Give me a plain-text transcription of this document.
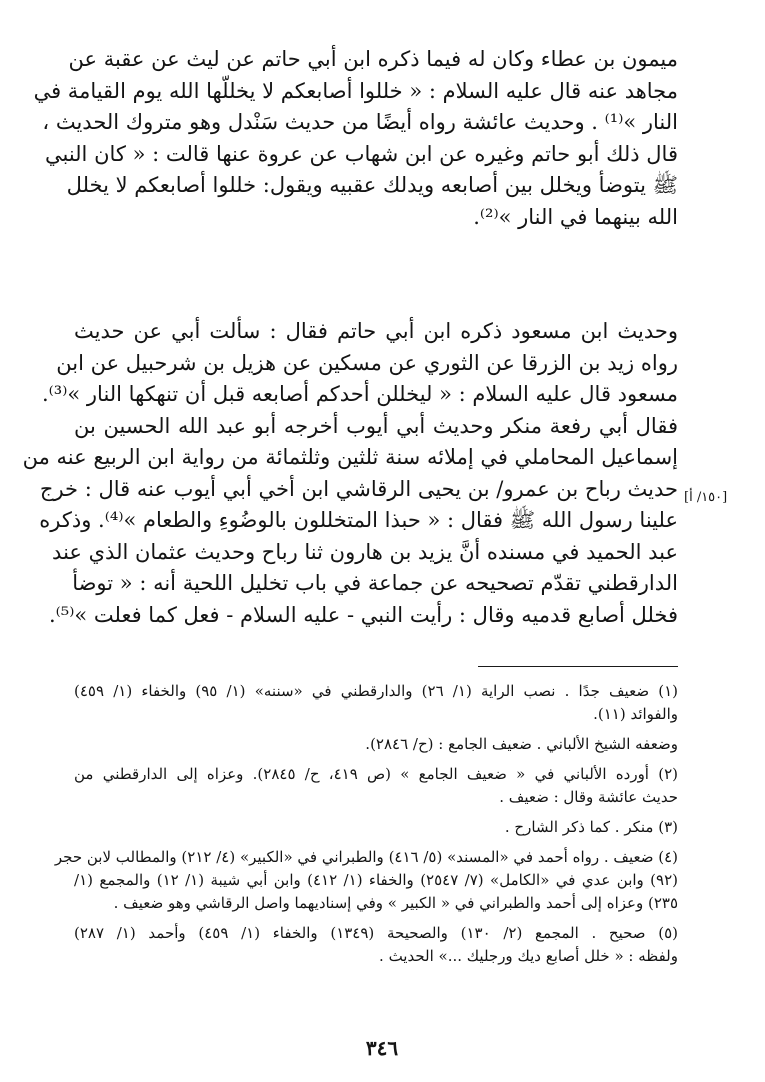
ميمون بن عطاء وكان له فيما ذكره ابن أبي حاتم عن ليث عن عقبة عن
مجاهد عنه قال عليه السلام : « خللوا أصابعكم لا يخللّها الله يوم القيامة في
النار »⁽¹⁾ . وحديث عائشة رواه أيضًا من حديث سَنْدل وهو متروك الحديث ،
قال ذلك أبو حاتم وغيره عن ابن شهاب عن عروة عنها قالت : « كان النبي
ﷺ يتوضأ ويخلل بين أصابعه ويدلك عقبيه ويقول: خللوا أصابعكم لا يخلل
الله بينهما في النار »⁽²⁾.
وحديث ابن مسعود ذكره ابن أبي حاتم فقال : سألت أبي عن حديث
رواه زيد بن الزرقا عن الثوري عن مسكين عن هزيل بن شرحبيل عن ابن
مسعود قال عليه السلام : « ليخللن أحدكم أصابعه قبل أن تنهكها النار »⁽³⁾.
فقال أبي رفعة منكر وحديث أبي أيوب أخرجه أبو عبد الله الحسين بن
إسماعيل المحاملي في إملائه سنة ثلثين وثلثمائة من رواية ابن الربيع عنه من
حديث رباح بن عمرو/ بن يحيى الرقاشي ابن أخي أبي أيوب عنه قال : خرج
علينا رسول الله ﷺ فقال : « حبذا المتخللون بالوضُوءِ والطعام »⁽⁴⁾. وذكره
عبد الحميد في مسنده أنَّ يزيد بن هارون ثنا رباح وحديث عثمان الذي عند
الدارقطني تقدّم تصحيحه عن جماعة في باب تخليل اللحية أنه : « توضأ
فخلل أصابع قدميه وقال : رأيت النبي - عليه السلام - فعل كما فعلت »⁽⁵⁾.
[١٥٠/ أ]
(١) ضعيف جدًا . نصب الراية (١/ ٢٦) والدارقطني في «سننه» (١/ ٩٥) والخفاء (١/ ٤٥٩)
والفوائد (١١).
وضعفه الشيخ الألباني . ضعيف الجامع : (ح/ ٢٨٤٦).
(٢) أورده الألباني في « ضعيف الجامع » (ص ٤١٩، ح/ ٢٨٤٥). وعزاه إلى الدارقطني من
حديث عائشة وقال : ضعيف .
(٣) منكر . كما ذكر الشارح .
(٤) ضعيف . رواه أحمد في «المسند» (٥/ ٤١٦) والطبراني في «الكبير» (٤/ ٢١٢) والمطالب لابن حجر
(٩٢) وابن عدي في «الكامل» (٧/ ٢٥٤٧) والخفاء (١/ ٤١٢) وابن أبي شيبة (١/ ١٢) والمجمع (١/
٢٣٥) وعزاه إلى أحمد والطبراني في « الكبير » وفي إسناديهما واصل الرقاشي وهو ضعيف .
(٥) صحيح . المجمع (٢/ ١٣٠) والصحيحة (١٣٤٩) والخفاء (١/ ٤٥٩) وأحمد (١/ ٢٨٧)
ولفظه : « خلل أصابع ديك ورجليك ...» الحديث .
٣٤٦
